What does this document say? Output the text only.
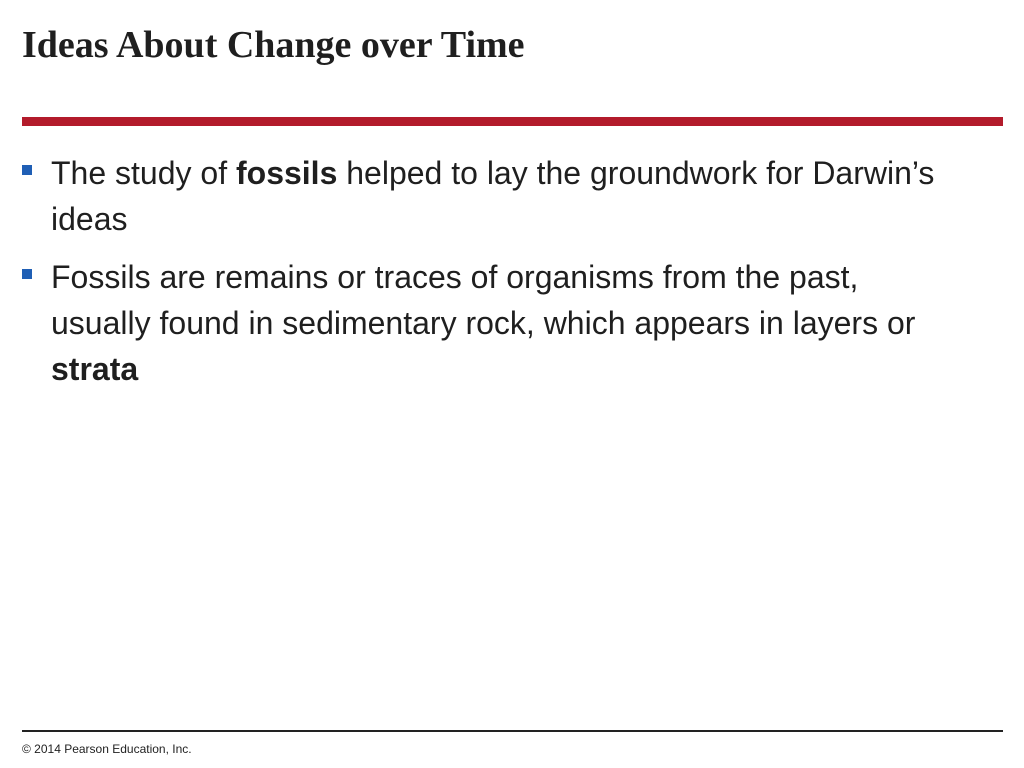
Ideas About Change over Time
The study of fossils helped to lay the groundwork for Darwin’s ideas
Fossils are remains or traces of organisms from the past, usually found in sedimentary rock, which appears in layers or strata
© 2014 Pearson Education, Inc.
